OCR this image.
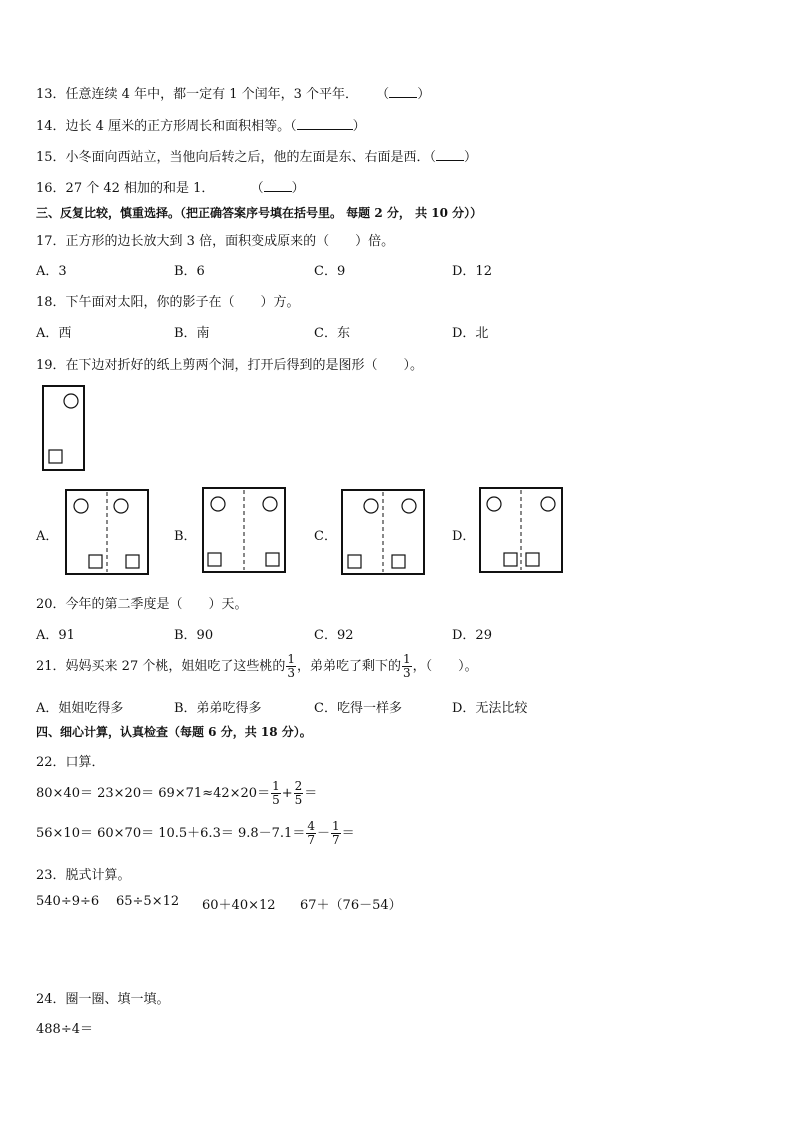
13．任意连续 4 年中，都一定有 1 个闰年，3 个平年． （ ）
14．边长 4 厘米的正方形周长和面积相等。（	）
15．小冬面向西站立，当他向后转之后，他的左面是东、右面是西．（ ）
16．27 个 42 相加的和是 1．	（ ）
三、反复比较，慎重选择。（把正确答案序号填在括号里。 每题 2 分， 共 10 分））
17．正方形的边长放大到 3 倍，面积变成原来的（　　）倍。
A．3	B．6	C．9	D．12
18．下午面对太阳，你的影子在（　　）方。
A．西	B．南	C．东	D．北
19．在下边对折好的纸上剪两个洞，打开后得到的是图形（　　）。
A．	B．	C．	D．
20．今年的第二季度是（　　）天。
A．91	B．90	C．92	D．29
21．妈妈买来 27 个桃，姐姐吃了这些桃的 $\frac{1}{3}$ ，弟弟吃了剩下的 $\frac{1}{3}$ ，（　　）。
A．姐姐吃得多	B．弟弟吃得多	C．吃得一样多	D．无法比较
四、细心计算，认真检查（每题 6 分，共 18 分）。
22．口算．
$80\times 40= 23\times 20= 69\times 71\approx 42\times 20= \frac{1}{5} + \frac{2}{5}$ ＝
$56\times 10= 60\times 70= 10.5+6.3= 9.8-7.1= \frac{4}{7} - \frac{1}{7}$ ＝
23．脱式计算。
540÷9÷6 65÷5×12 60＋40×12 67＋（76－54）
24．圈一圈、填一填。
488÷4＝
